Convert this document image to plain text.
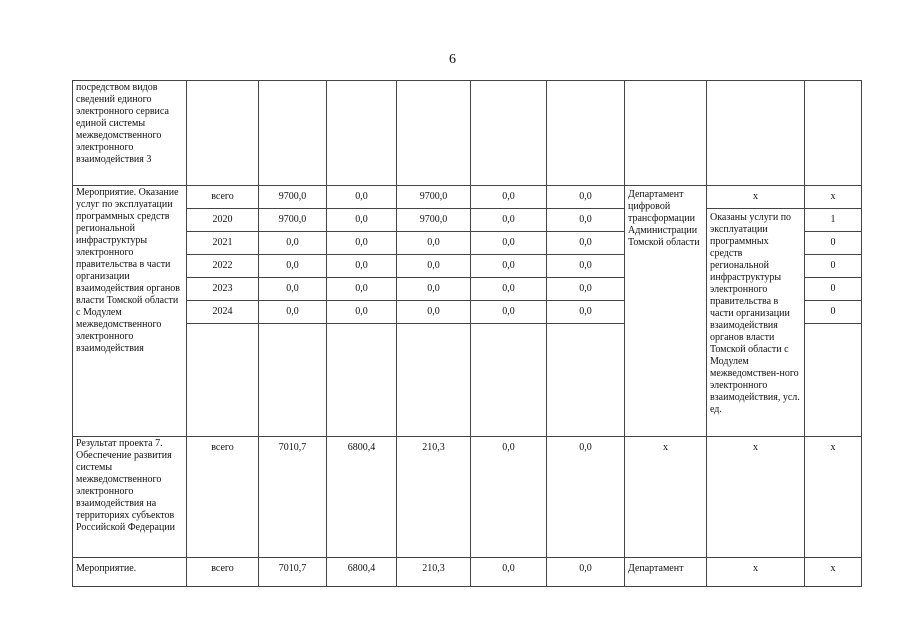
6
посредством видов сведений единого электронного сервиса единой системы межведомственного электронного взаимодействия 3									
Мероприятие. Оказание услуг по эксплуатации программных средств региональной инфраструктуры электронного правительства в части организации взаимодействия органов власти Томской области с Модулем межведомственного электронного взаимодействия	всего	9700,0	0,0	9700,0	0,0	0,0	Департамент цифровой трансформации Администрации Томской области	х	х
	2020	9700,0	0,0	9700,0	0,0	0,0		Оказаны услуги по эксплуатации программных средств региональной инфраструктуры электронного правительства в части организации взаимодействия органов власти Томской области с Модулем межведомствен-ного электронного взаимодействия, усл. ед.	1
	2021	0,0	0,0	0,0	0,0	0,0			0
	2022	0,0	0,0	0,0	0,0	0,0			0
	2023	0,0	0,0	0,0	0,0	0,0			0
	2024	0,0	0,0	0,0	0,0	0,0			0

Результат проекта 7. Обеспечение развития системы межведомственного электронного взаимодействия на территориях субъектов Российской Федерации	всего	7010,7	6800,4	210,3	0,0	0,0	х	х	х
Мероприятие.	всего	7010,7	6800,4	210,3	0,0	0,0	Департамент	х	х
